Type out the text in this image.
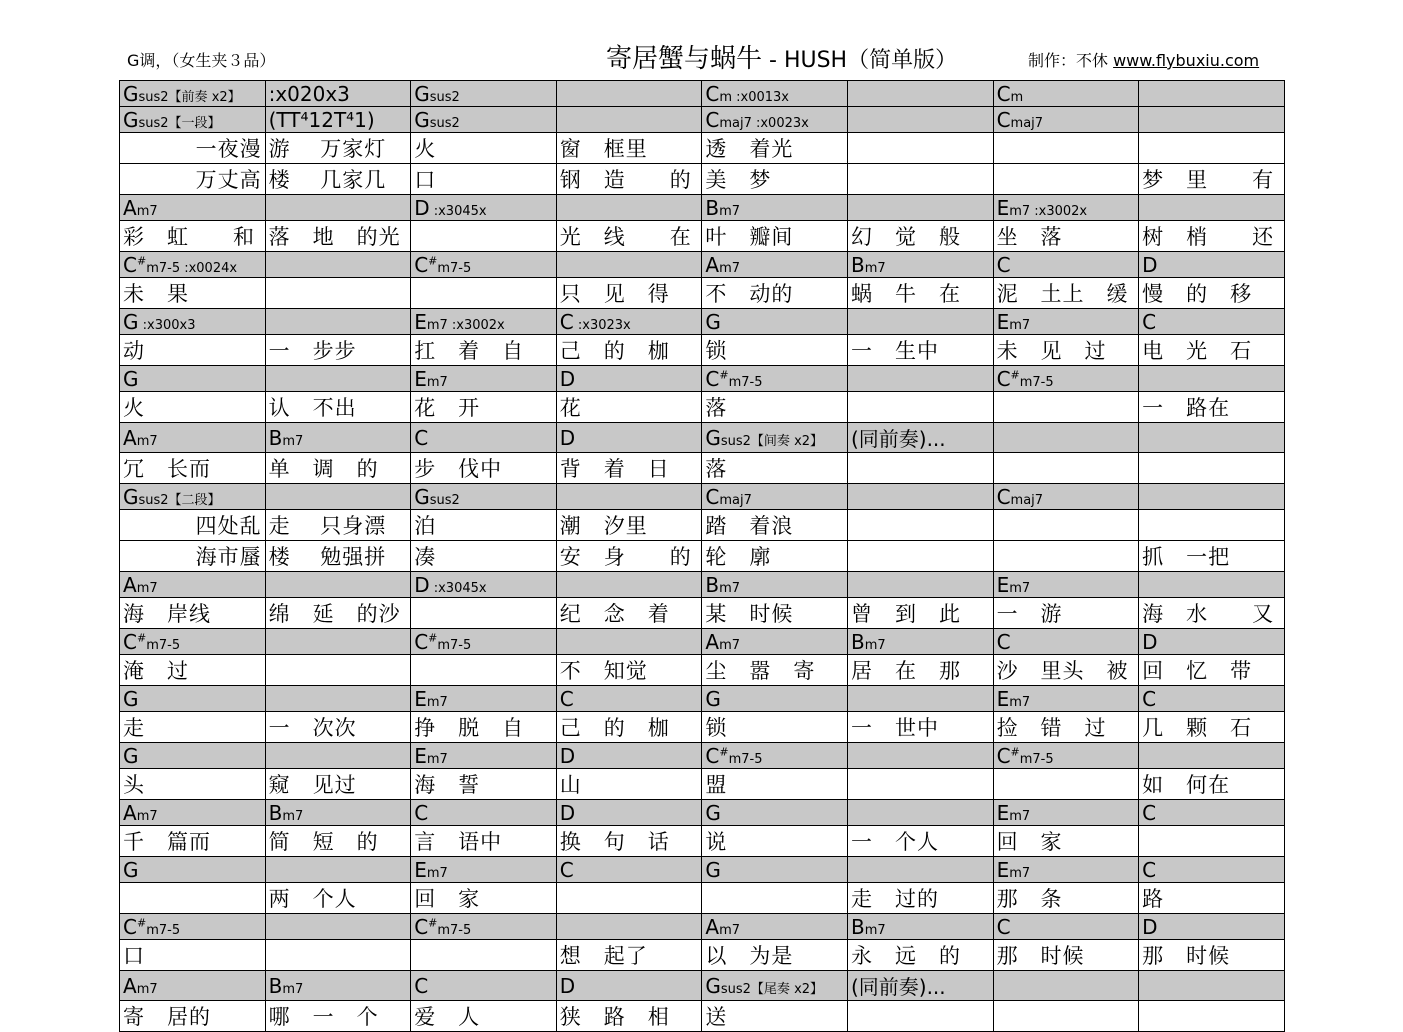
G调，（女生夹３品）	寄居蟹与蜗牛 - HUSH（简单版）	制作：不休 www.flybuxiu.com
Gsus2【前奏 x2】	:x020x3	Gsus2		Cm :x0013x		Cm	
Gsus2【一段】	(TT⁴12T⁴1)	Gsus2		Cmaj7 :x0023x		Cmaj7	
一夜漫	游　 万家灯	火	窗　框里	透　着光			
万丈高	楼　 几家几	口	钢　造　　的	美　梦			梦　里　　有
Am7		D :x3045x		Bm7		Em7 :x3002x	
彩　虹　　和	落　地　的光		光　线　　在	叶　瓣间	幻　觉　般	坐　落	树　梢　　还
C#m7-5 :x0024x		C#m7-5		Am7	Bm7	C	D
未　果			只　见　得	不　动的	蜗　牛　在	泥　土上　缓	慢　的　移
G :x300x3		Em7 :x3002x	C :x3023x	G		Em7	C
动	一　步步	扛　着　自	己　的　枷	锁	一　生中	未　见　过	电　光　石
G		Em7	D	C#m7-5		C#m7-5	
火	认　不出	花　开	花	落			一　路在
Am7	Bm7	C	D	Gsus2【间奏 x2】	(同前奏)...		
冗　长而	单　调　的	步　伐中	背　着　日	落			
Gsus2【二段】		Gsus2		Cmaj7		Cmaj7	
四处乱	走　 只身漂	泊	潮　汐里	踏　着浪			
海市蜃	楼　 勉强拼	凑	安　身　　的	轮　廓			抓　一把
Am7		D :x3045x		Bm7		Em7	
海　岸线	绵　延　的沙		纪　念　着	某　时候	曾　到　此	一　游	海　水　　又
C#m7-5		C#m7-5		Am7	Bm7	C	D
淹　过			不　知觉	尘　嚣　寄	居　在　那	沙　里头　被	回　忆　带
G		Em7	C	G		Em7	C
走	一　次次	挣　脱　自	己　的　枷	锁	一　世中	捡　错　过	几　颗　石
G		Em7	D	C#m7-5		C#m7-5	
头	窥　见过	海　誓	山	盟			如　何在
Am7	Bm7	C	D	G		Em7	C
千　篇而	简　短　的	言　语中	换　句　话	说	一　个人	回　家	
G		Em7	C	G		Em7	C
	两　个人	回　家			走　过的	那　条	路
C#m7-5		C#m7-5		Am7	Bm7	C	D
口			想　起了	以　为是	永　远　的	那　时候	那　时候
Am7	Bm7	C	D	Gsus2【尾奏 x2】	(同前奏)...		
寄　居的	哪　一　个	爱　人	狭　路　相	送			
